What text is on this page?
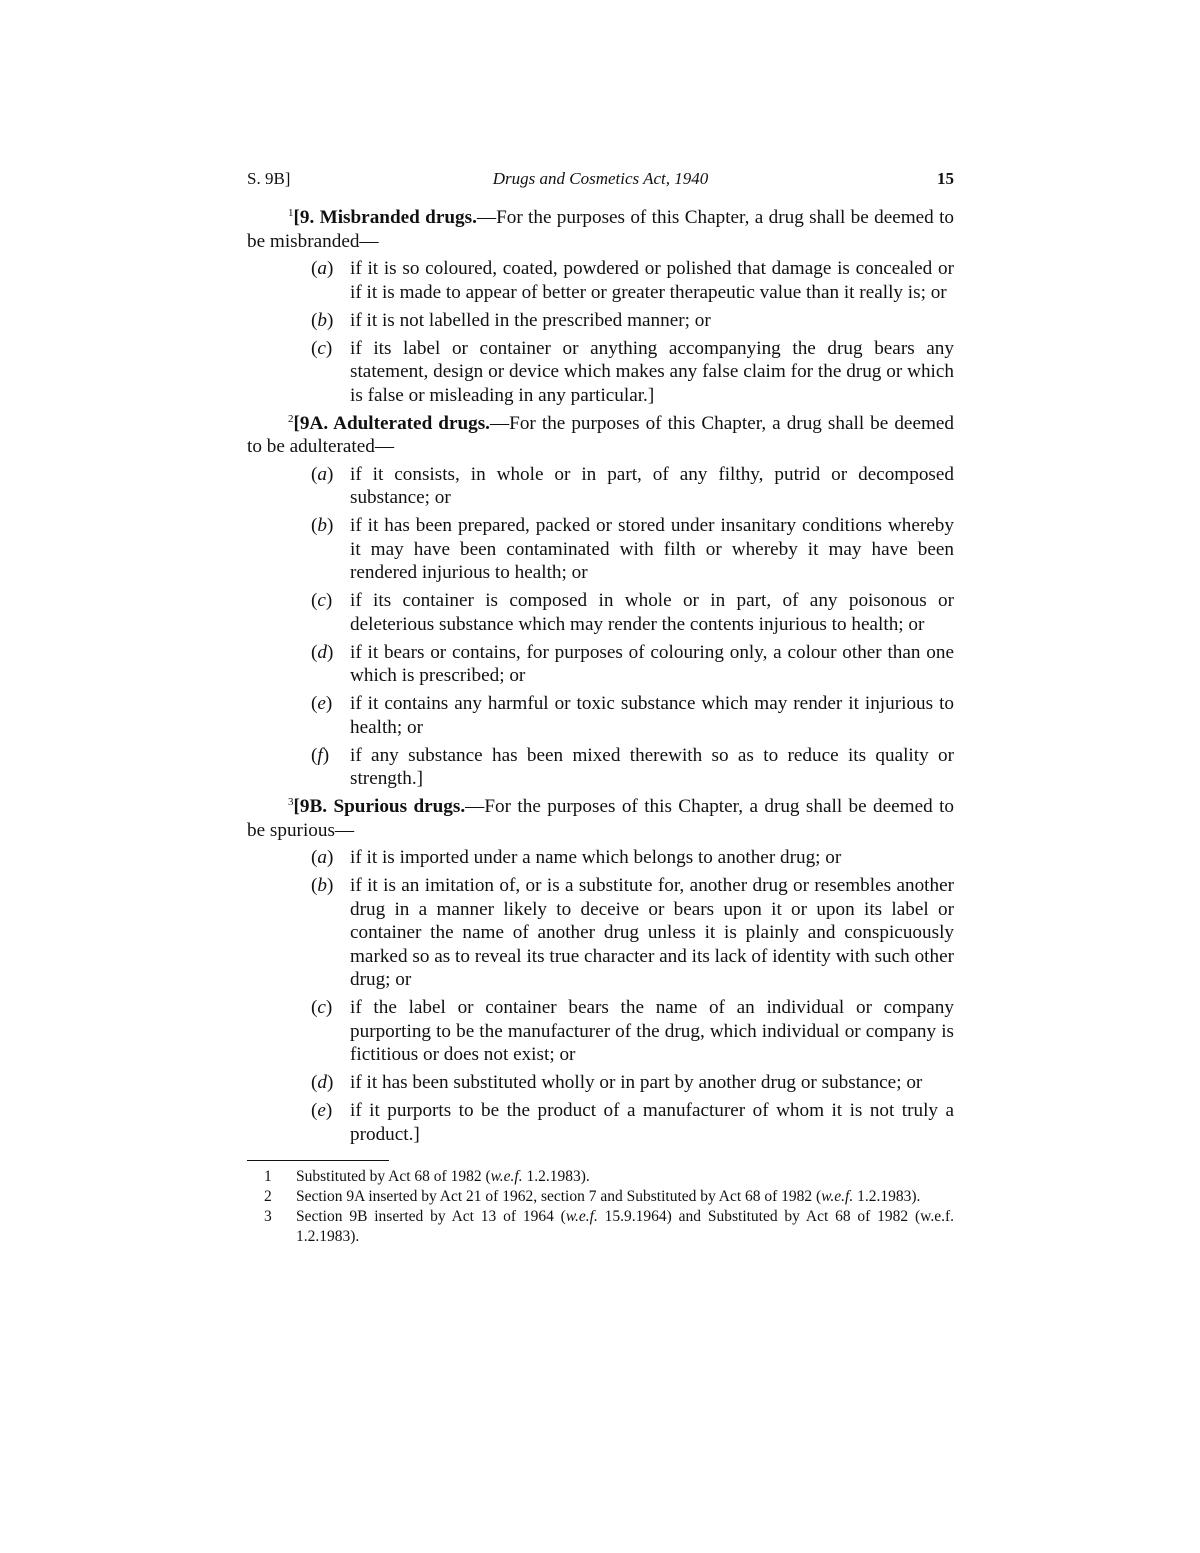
S. 9B]	Drugs and Cosmetics Act, 1940	15

$^1$[9. Misbranded drugs.—For the purposes of this Chapter, a drug shall be deemed to be misbranded—

(a) if it is so coloured, coated, powdered or polished that damage is concealed or if it is made to appear of better or greater therapeutic value than it really is; or
(b) if it is not labelled in the prescribed manner; or
(c) if its label or container or anything accompanying the drug bears any statement, design or device which makes any false claim for the drug or which is false or misleading in any particular.]

$^2$[9A. Adulterated drugs.—For the purposes of this Chapter, a drug shall be deemed to be adulterated—

(a) if it consists, in whole or in part, of any filthy, putrid or decomposed substance; or
(b) if it has been prepared, packed or stored under insanitary conditions whereby it may have been contaminated with filth or whereby it may have been rendered injurious to health; or
(c) if its container is composed in whole or in part, of any poisonous or deleterious substance which may render the contents injurious to health; or
(d) if it bears or contains, for purposes of colouring only, a colour other than one which is prescribed; or
(e) if it contains any harmful or toxic substance which may render it injurious to health; or
(f) if any substance has been mixed therewith so as to reduce its quality or strength.]

$^3$[9B. Spurious drugs.—For the purposes of this Chapter, a drug shall be deemed to be spurious—

(a) if it is imported under a name which belongs to another drug; or
(b) if it is an imitation of, or is a substitute for, another drug or resembles another drug in a manner likely to deceive or bears upon it or upon its label or container the name of another drug unless it is plainly and conspicuously marked so as to reveal its true character and its lack of identity with such other drug; or
(c) if the label or container bears the name of an individual or company purporting to be the manufacturer of the drug, which individual or company is fictitious or does not exist; or
(d) if it has been substituted wholly or in part by another drug or substance; or
(e) if it purports to be the product of a manufacturer of whom it is not truly a product.]
1 Substituted by Act 68 of 1982 (w.e.f. 1.2.1983).
2 Section 9A inserted by Act 21 of 1962, section 7 and Substituted by Act 68 of 1982 (w.e.f. 1.2.1983).
3 Section 9B inserted by Act 13 of 1964 (w.e.f. 15.9.1964) and Substituted by Act 68 of 1982 (w.e.f. 1.2.1983).
